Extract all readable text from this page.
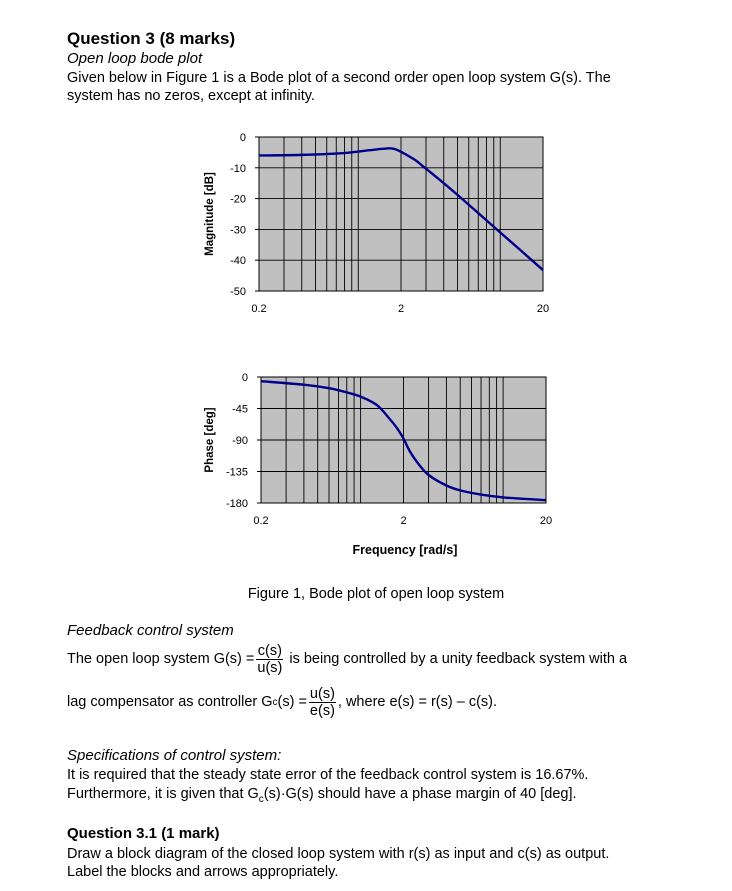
Question 3 (8 marks)
Open loop bode plot
Given below in Figure 1 is a Bode plot of a second order open loop system G(s). The
system has no zeros, except at infinity.
0
-10
-20
-30
-40
-50
0.2	2	20
Magnitude [dB]
0
-45
-90
-135
-180
0.2	2	20
Phase [deg]
Frequency [rad/s]
Figure 1, Bode plot of open loop system
Feedback control system
The open loop system $G(s) = \frac{c(s)}{u(s)}$ is being controlled by a unity feedback system with a
lag compensator as controller G c $(s) = \frac{u(s)}{e(s)}$ , where e(s) = r(s) – c(s).
Specifications of control system:
It is required that the steady state error of the feedback control system is 16.67%.
Furthermore, it is given that $G_c(s)\cdot G(s)$ should have a phase margin of 40 [deg].
Question 3.1 (1 mark)
Draw a block diagram of the closed loop system with r(s) as input and c(s) as output.
Label the blocks and arrows appropriately.
